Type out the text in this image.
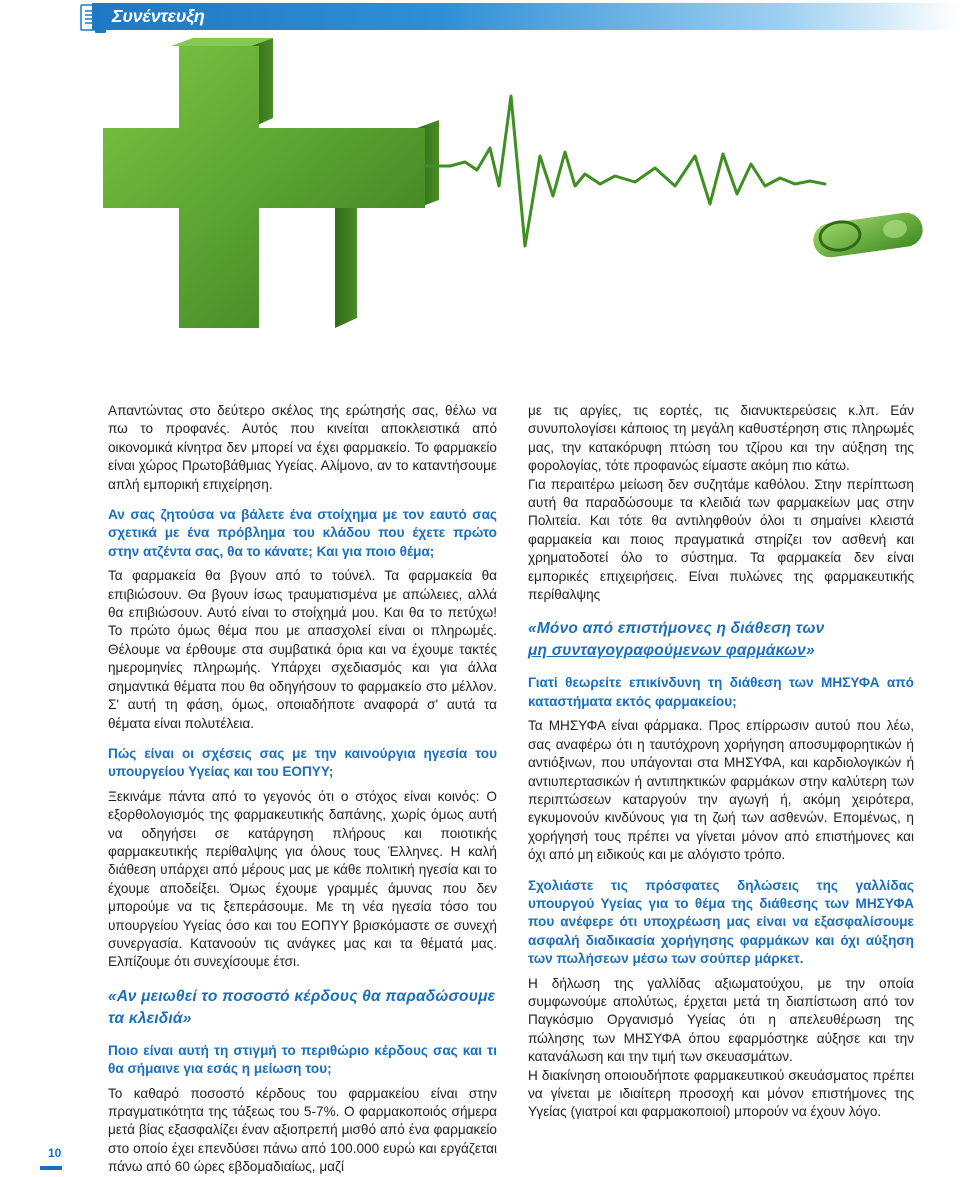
Συνέντευξη

Απαντώντας στο δεύτερο σκέλος της ερώτησής σας, θέλω να πω το προφανές. Αυτός που κινείται αποκλειστικά από οικονομικά κίνητρα δεν μπορεί να έχει φαρμακείο. Το φαρμακείο είναι χώρος Πρωτοβάθμιας Υγείας. Αλίμονο, αν το καταντήσουμε απλή εμπορική επιχείρηση.

Αν σας ζητούσα να βάλετε ένα στοίχημα με τον εαυτό σας σχετικά με ένα πρόβλημα του κλάδου που έχετε πρώτο στην ατζέντα σας, θα το κάνατε; Και για ποιο θέμα;

Τα φαρμακεία θα βγουν από το τούνελ. Τα φαρμακεία θα επιβιώσουν. Θα βγουν ίσως τραυματισμένα με απώλειες, αλλά θα επιβιώσουν. Αυτό είναι το στοίχημά μου. Και θα το πετύχω! Το πρώτο όμως θέμα που με απασχολεί είναι οι πληρωμές. Θέλουμε να έρθουμε στα συμβατικά όρια και να έχουμε τακτές ημερομηνίες πληρωμής. Υπάρχει σχεδιασμός και για άλλα σημαντικά θέματα που θα οδηγήσουν το φαρμακείο στο μέλλον. Σ' αυτή τη φάση, όμως, οποιαδήποτε αναφορά σ' αυτά τα θέματα είναι πολυτέλεια.

Πώς είναι οι σχέσεις σας με την καινούργια ηγεσία του υπουργείου Υγείας και του ΕΟΠΥΥ;

Ξεκινάμε πάντα από το γεγονός ότι ο στόχος είναι κοινός: Ο εξορθολογισμός της φαρμακευτικής δαπάνης, χωρίς όμως αυτή να οδηγήσει σε κατάργηση πλήρους και ποιοτικής φαρμακευτικής περίθαλψης για όλους τους Έλληνες. Η καλή διάθεση υπάρχει από μέρους μας με κάθε πολιτική ηγεσία και το έχουμε αποδείξει. Όμως έχουμε γραμμές άμυνας που δεν μπορούμε να τις ξεπεράσουμε. Με τη νέα ηγεσία τόσο του υπουργείου Υγείας όσο και του ΕΟΠΥΥ βρισκόμαστε σε συνεχή συνεργασία. Κατανοούν τις ανάγκες μας και τα θέματά μας. Ελπίζουμε ότι συνεχίσουμε έτσι.

«Αν μειωθεί το ποσοστό κέρδους θα παραδώσουμε τα κλειδιά»

Ποιο είναι αυτή τη στιγμή το περιθώριο κέρδους σας και τι θα σήμαινε για εσάς η μείωση του;

Το καθαρό ποσοστό κέρδους του φαρμακείου είναι στην πραγματικότητα της τάξεως του 5-7%. Ο φαρμακοποιός σήμερα μετά βίας εξασφαλίζει έναν αξιοπρεπή μισθό από ένα φαρμακείο στο οποίο έχει επενδύσει πάνω από 100.000 ευρώ και εργάζεται πάνω από 60 ώρες εβδομαδιαίως, μαζί

με τις αργίες, τις εορτές, τις διανυκτερεύσεις κ.λπ. Εάν συνυπολογίσει κάποιος τη μεγάλη καθυστέρηση στις πληρωμές μας, την κατακόρυφη πτώση του τζίρου και την αύξηση της φορολογίας, τότε προφανώς είμαστε ακόμη πιο κάτω.

Για περαιτέρω μείωση δεν συζητάμε καθόλου. Στην περίπτωση αυτή θα παραδώσουμε τα κλειδιά των φαρμακείων μας στην Πολιτεία. Και τότε θα αντιληφθούν όλοι τι σημαίνει κλειστά φαρμακεία και ποιος πραγματικά στηρίζει τον ασθενή και χρηματοδοτεί όλο το σύστημα. Τα φαρμακεία δεν είναι εμπορικές επιχειρήσεις. Είναι πυλώνες της φαρμακευτικής περίθαλψης

«Μόνο από επιστήμονες η διάθεση των
μη συνταγογραφούμενων φαρμάκων»

Γιατί θεωρείτε επικίνδυνη τη διάθεση των ΜΗΣΥΦΑ από καταστήματα εκτός φαρμακείου;

Τα ΜΗΣΥΦΑ είναι φάρμακα. Προς επίρρωσιν αυτού που λέω, σας αναφέρω ότι η ταυτόχρονη χορήγηση αποσυμφορητικών ή αντιόξινων, που υπάγονται στα ΜΗΣΥΦΑ, και καρδιολογικών ή αντιυπερτασικών ή αντιπηκτικών φαρμάκων στην καλύτερη των περιπτώσεων καταργούν την αγωγή ή, ακόμη χειρότερα, εγκυμονούν κινδύνους για τη ζωή των ασθενών. Επομένως, η χορήγησή τους πρέπει να γίνεται μόνον από επιστήμονες και όχι από μη ειδικούς και με αλόγιστο τρόπο.

Σχολιάστε τις πρόσφατες δηλώσεις της γαλλίδας υπουργού Υγείας για το θέμα της διάθεσης των ΜΗΣΥΦΑ που ανέφερε ότι υποχρέωση μας είναι να εξασφαλίσουμε ασφαλή διαδικασία χορήγησης φαρμάκων και όχι αύξηση των πωλήσεων μέσω των σούπερ μάρκετ.

Η δήλωση της γαλλίδας αξιωματούχου, με την οποία συμφωνούμε απολύτως, έρχεται μετά τη διαπίστωση από τον Παγκόσμιο Οργανισμό Υγείας ότι η απελευθέρωση της πώλησης των ΜΗΣΥΦΑ όπου εφαρμόστηκε αύξησε και την κατανάλωση και την τιμή των σκευασμάτων.

Η διακίνηση οποιουδήποτε φαρμακευτικού σκευάσματος πρέπει να γίνεται με ιδιαίτερη προσοχή και μόνον επιστήμονες της Υγείας (γιατροί και φαρμακοποιοί) μπορούν να έχουν λόγο.

10
